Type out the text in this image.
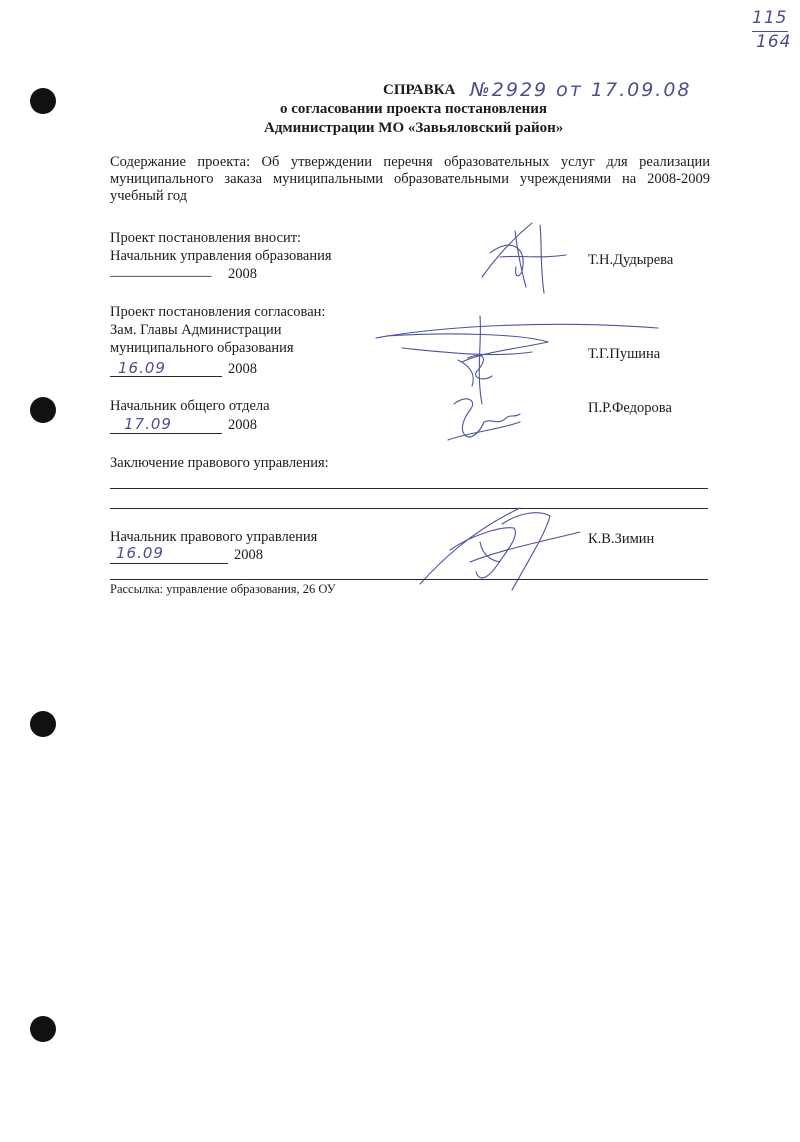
115
164
СПРАВКА №2929 от 17.09.08
о согласовании проекта постановления
Администрации МО «Завьяловский район»
Содержание проекта: Об утверждении перечня образовательных услуг для реализации муниципального заказа муниципальными образовательными учреждениями на 2008-2009 учебный год
Проект постановления вносит:
Начальник управления образования
______________ 2008
Т.Н.Дудырева
Проект постановления согласован:
Зам. Главы Администрации
муниципального образования
16.09	2008
Т.Г.Пушина
Начальник общего отдела
17.09	2008
П.Р.Федорова
Заключение правового управления:
Начальник правового управления
16.09	2008
К.В.Зимин
Рассылка: управление образования, 26 ОУ
